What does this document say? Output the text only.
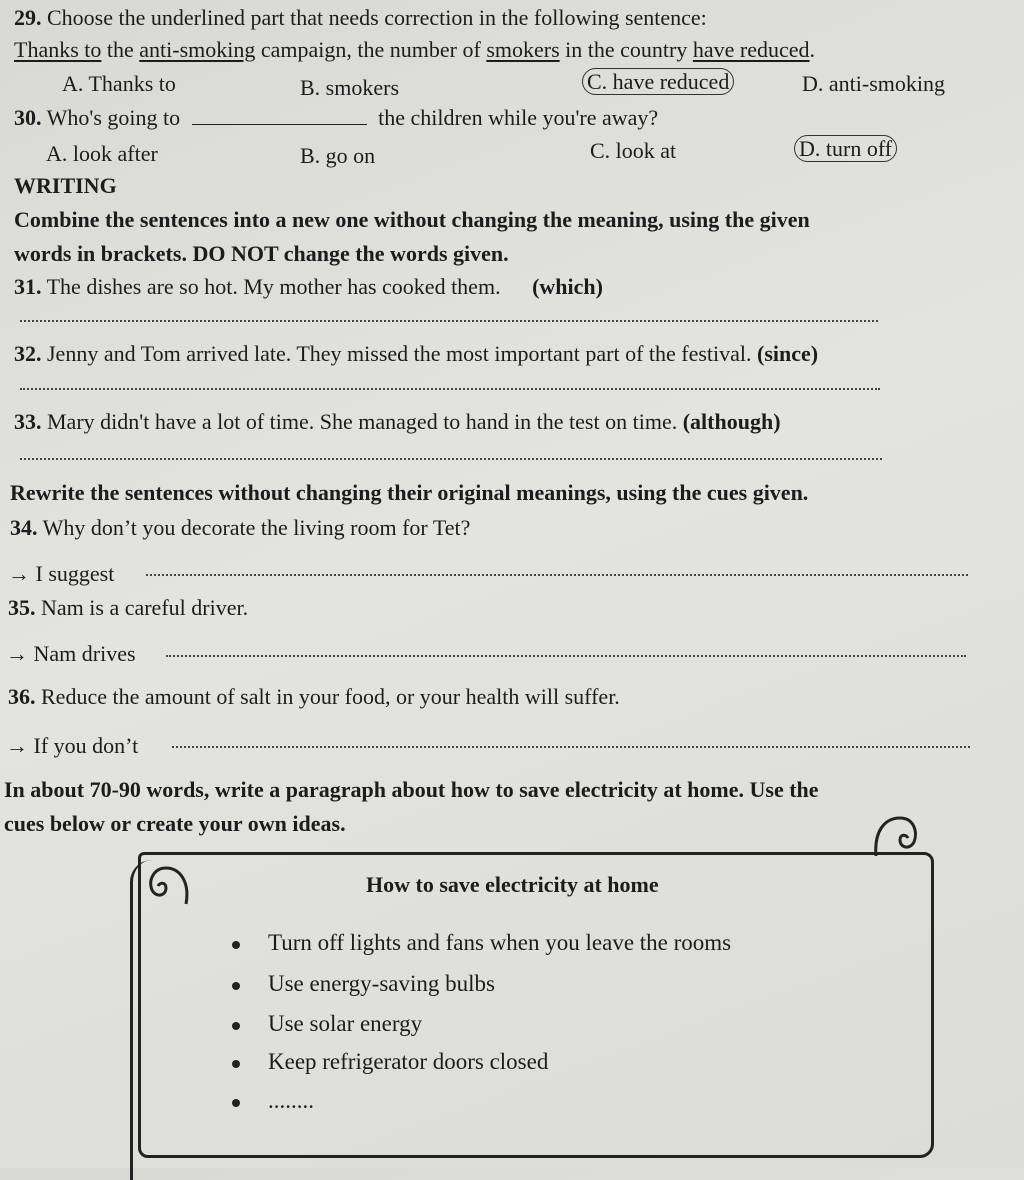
29. Choose the underlined part that needs correction in the following sentence:
Thanks to the anti-smoking campaign, the number of smokers in the country have reduced.
A. Thanks to	B. smokers	C. have reduced	D. anti-smoking
30. Who's going to	the children while you're away?
A. look after	B. go on	C. look at	D. turn off
WRITING
Combine the sentences into a new one without changing the meaning, using the given
words in brackets. DO NOT change the words given.
31. The dishes are so hot. My mother has cooked them. (which)
32. Jenny and Tom arrived late. They missed the most important part of the festival. (since)
33. Mary didn't have a lot of time. She managed to hand in the test on time. (although)
Rewrite the sentences without changing their original meanings, using the cues given.
34. Why don’t you decorate the living room for Tet?
→ I suggest
35. Nam is a careful driver.
→ Nam drives
36. Reduce the amount of salt in your food, or your health will suffer.
→ If you don’t
In about 70-90 words, write a paragraph about how to save electricity at home. Use the
cues below or create your own ideas.
How to save electricity at home
Turn off lights and fans when you leave the rooms
Use energy-saving bulbs
Use solar energy
Keep refrigerator doors closed
........
